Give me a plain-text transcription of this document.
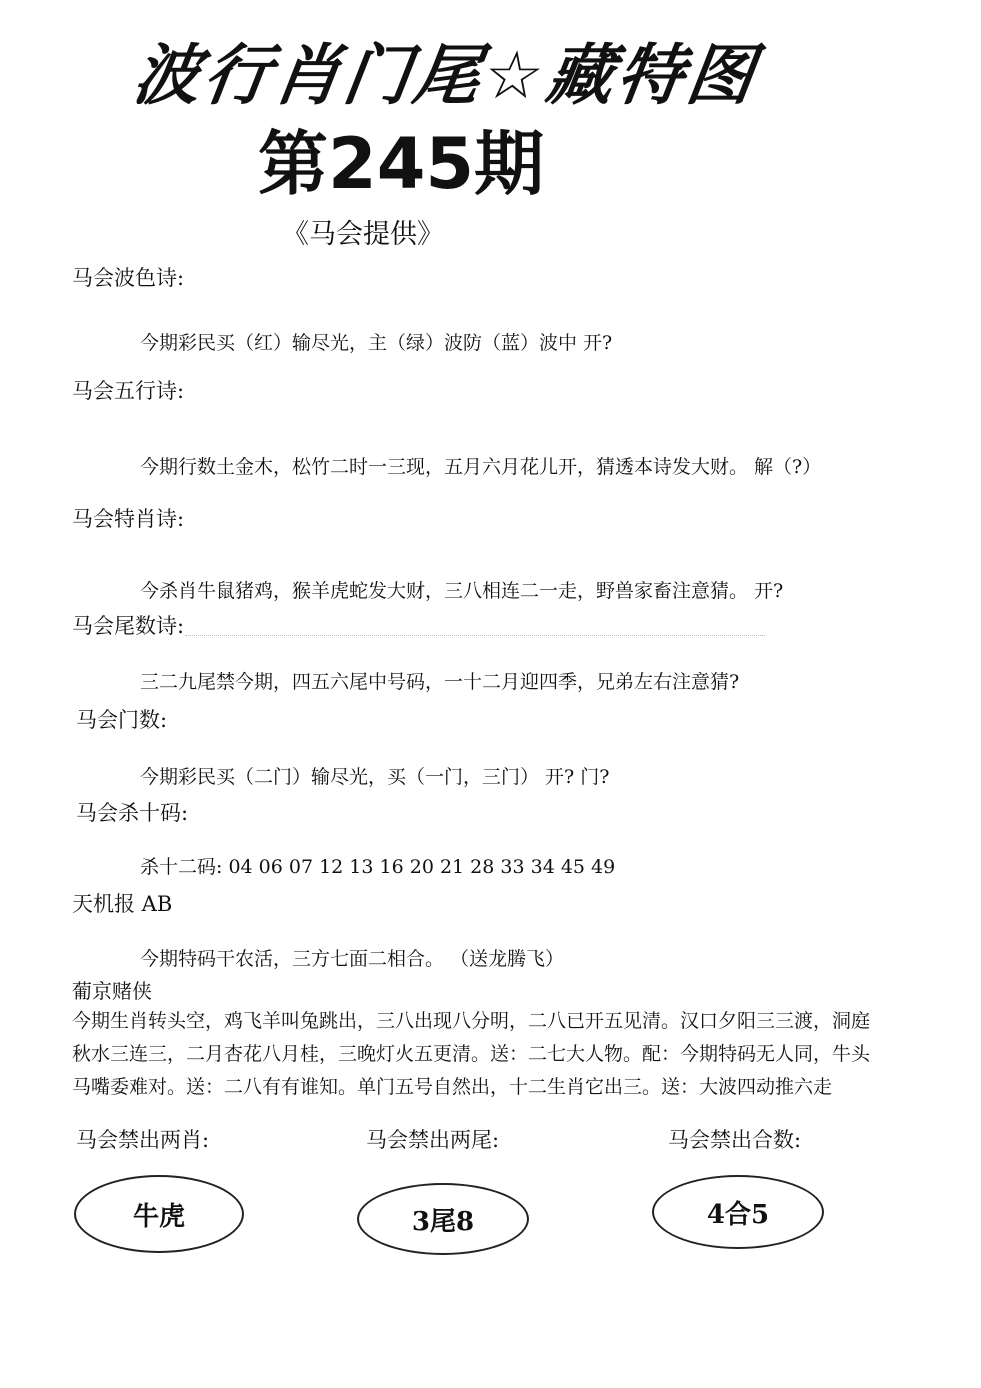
波行肖门尾☆藏特图
第245期
《马会提供》
马会波色诗:
今期彩民买（红）输尽光，主（绿）波防（蓝）波中 开?
马会五行诗:
今期行数土金木，松竹二时一三现，五月六月花儿开，猜透本诗发大财。 解（?）
马会特肖诗:
今杀肖牛鼠猪鸡，猴羊虎蛇发大财，三八相连二一走，野兽家畜注意猜。 开?
马会尾数诗:
三二九尾禁今期，四五六尾中号码，一十二月迎四季，兄弟左右注意猜?
马会门数:
今期彩民买（二门）输尽光，买（一门，三门） 开? 门?
马会杀十码:
杀十二码: 04 06 07 12 13 16 20 21 28 33 34 45 49
天机报 AB
今期特码干农活，三方七面二相合。 （送龙腾飞）
葡京赌侠
今期生肖转头空，鸡飞羊叫兔跳出，三八出现八分明，二八已开五见清。汉口夕阳三三渡，洞庭
秋水三连三，二月杏花八月桂，三晚灯火五更清。送：二七大人物。配：今期特码无人同，牛头
马嘴委难对。送：二八有有谁知。单门五号自然出，十二生肖它出三。送：大波四动推六走
马会禁出两肖:	马会禁出两尾:	马会禁出合数:
牛虎	3尾8	4合5
